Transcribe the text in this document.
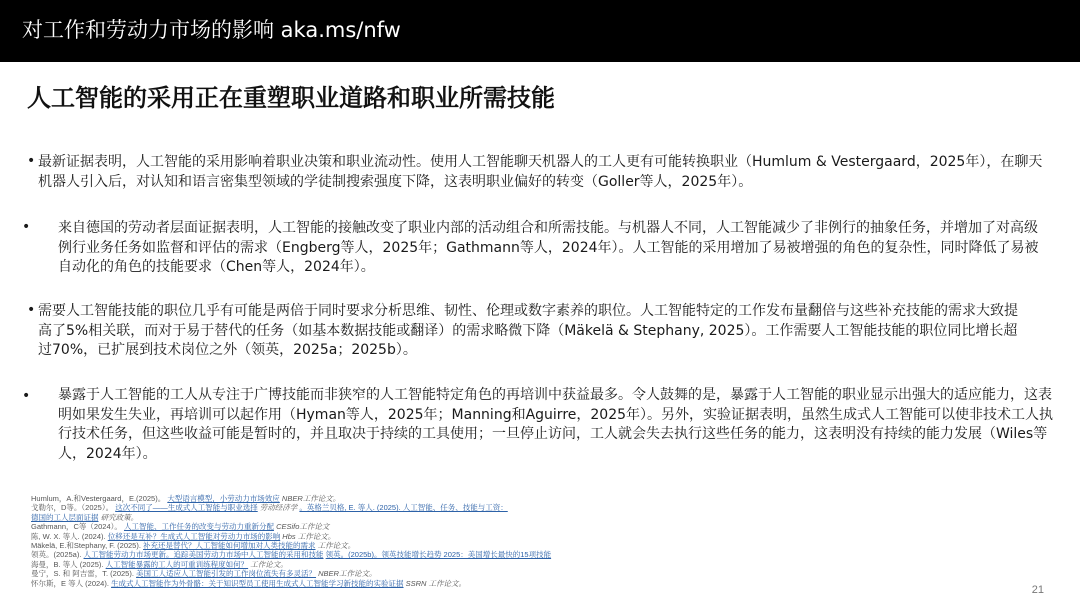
对工作和劳动力市场的影响 aka.ms/nfw
人工智能的采用正在重塑职业道路和职业所需技能
• 最新证据表明，人工智能的采用影响着职业决策和职业流动性。使用人工智能聊天机器人的工人更有可能转换职业（Humlum & Vestergaard，2025年），在聊天机器人引入后，对认知和语言密集型领域的学徒制搜索强度下降，这表明职业偏好的转变（Goller等人，2025年）。
• 来自德国的劳动者层面证据表明，人工智能的接触改变了职业内部的活动组合和所需技能。与机器人不同，人工智能减少了非例行的抽象任务，并增加了对高级例行业务任务如监督和评估的需求（Engberg等人，2025年；Gathmann等人，2024年）。人工智能的采用增加了易被增强的角色的复杂性，同时降低了易被自动化的角色的技能要求（Chen等人，2024年）。
• 需要人工智能技能的职位几乎有可能是两倍于同时要求分析思维、韧性、伦理或数字素养的职位。人工智能特定的工作发布量翻倍与这些补充技能的需求大致提高了5%相关联，而对于易于替代的任务（如基本数据技能或翻译）的需求略微下降（Mäkelä & Stephany, 2025）。工作需要人工智能技能的职位同比增长超过70%，已扩展到技术岗位之外（领英，2025a；2025b）。
• 暴露于人工智能的工人从专注于广博技能而非狭窄的人工智能特定角色的再培训中获益最多。令人鼓舞的是，暴露于人工智能的职业显示出强大的适应能力，这表明如果发生失业，再培训可以起作用（Hyman等人，2025年；Manning和Aguirre，2025年）。另外，实验证据表明，虽然生成式人工智能可以使非技术工人执行技术任务，但这些收益可能是暂时的，并且取决于持续的工具使用；一旦停止访问，工人就会失去执行这些任务的能力，这表明没有持续的能力发展（Wiles等人，2024年）。
Humlum，A.和Vestergaard，E.(2025)。 大型语言模型，小劳动力市场效应 NBER工作论文。
戈勒尔，D等。（2025）。 这次不同了——生成式人工智能与职业选择 劳动经济学 。英格兰贝格, E. 等人. (2025). 人工智能、任务、技能与工资：
德国的工人层面证据 研究政策。
Gathmann，C等（2024）。 人工智能、工作任务的改变与劳动力重新分配 CESifo工作论文
陈, W. X. 等人. (2024). 位移还是互补？生成式人工智能对劳动力市场的影响 Hbs 工作论文。
Mäkelä, E.和Stephany, F. (2025). 补充还是替代？人工智能如何增加对人类技能的需求 工作论文。
领英。(2025a). 人工智能劳动力市场更新。追踪美国劳动力市场中人工智能的采用和技能 领英。(2025b)。领英技能增长趋势 2025：美国增长最快的15项技能
海曼，B. 等人 (2025). 人工智能暴露的工人的可重训练程度如何？ 工作论文。
曼宁，S. 和 阿吉雷，T. (2025). 美国工人适应人工智能引发的工作岗位流失有多灵活？ NBER工作论文。
怀尔斯，E 等人 (2024). 生成式人工智能作为外骨骼：关于知识型员工使用生成式人工智能学习新技能的实验证据 SSRN 工作论文。
21
